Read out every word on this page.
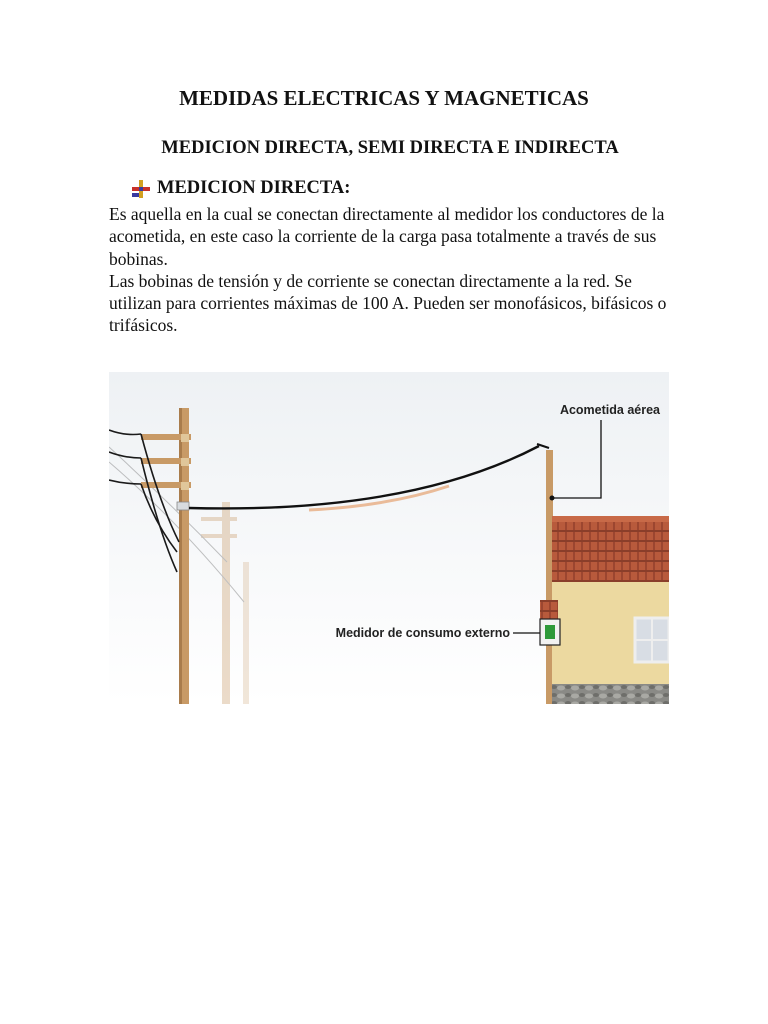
MEDIDAS ELECTRICAS Y MAGNETICAS
MEDICION DIRECTA, SEMI DIRECTA E INDIRECTA
MEDICION DIRECTA:

Es aquella en la cual se conectan directamente al medidor los conductores de la acometida, en este caso la corriente de la carga pasa totalmente a través de sus bobinas.

Las bobinas de tensión y de corriente se conectan directamente a la red. Se utilizan para corrientes máximas de 100 A. Pueden ser monofásicos, bifásicos o trifásicos.

Acometida aérea
Medidor de consumo externo
